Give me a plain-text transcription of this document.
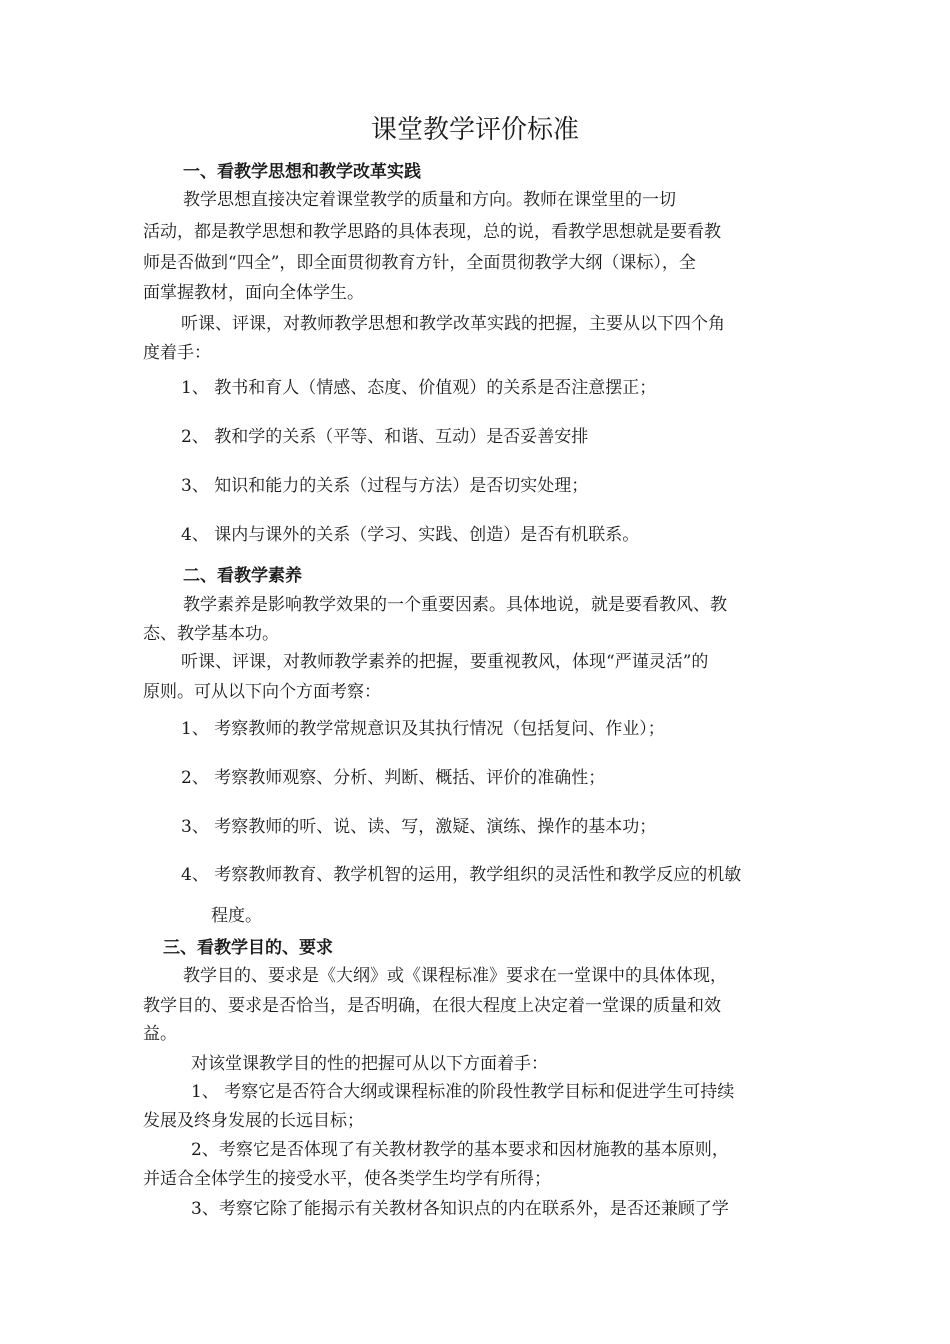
课堂教学评价标准
一、看教学思想和教学改革实践

教学思想直接决定着课堂教学的质量和方向。教师在课堂里的一切

活动，都是教学思想和教学思路的具体表现，总的说，看教学思想就是要看教

师是否做到“四全”，即全面贯彻教育方针，全面贯彻教学大纲（课标），全

面掌握教材，面向全体学生。

听课、评课，对教师教学思想和教学改革实践的把握，主要从以下四个角

度着手：

1、 教书和育人（情感、态度、价值观）的关系是否注意摆正；

2、 教和学的关系（平等、和谐、互动）是否妥善安排

3、 知识和能力的关系（过程与方法）是否切实处理；

4、 课内与课外的关系（学习、实践、创造）是否有机联系。

二、看教学素养

教学素养是影响教学效果的一个重要因素。具体地说，就是要看教风、教

态、教学基本功。

听课、评课，对教师教学素养的把握，要重视教风，体现“严谨灵活”的

原则。可从以下向个方面考察：

1、 考察教师的教学常规意识及其执行情况（包括复问、作业）；

2、 考察教师观察、分析、判断、概括、评价的准确性；

3、 考察教师的听、说、读、写，激疑、演练、操作的基本功；

4、 考察教师教育、教学机智的运用，教学组织的灵活性和教学反应的机敏

程度。

三、看教学目的、要求

教学目的、要求是《大纲》或《课程标准》要求在一堂课中的具体体现，

教学目的、要求是否恰当，是否明确，在很大程度上决定着一堂课的质量和效

益。

对该堂课教学目的性的把握可从以下方面着手：

1、 考察它是否符合大纲或课程标准的阶段性教学目标和促进学生可持续

发展及终身发展的长远目标；

2、考察它是否体现了有关教材教学的基本要求和因材施教的基本原则，

并适合全体学生的接受水平，使各类学生均学有所得；

3、考察它除了能揭示有关教材各知识点的内在联系外，是否还兼顾了学
